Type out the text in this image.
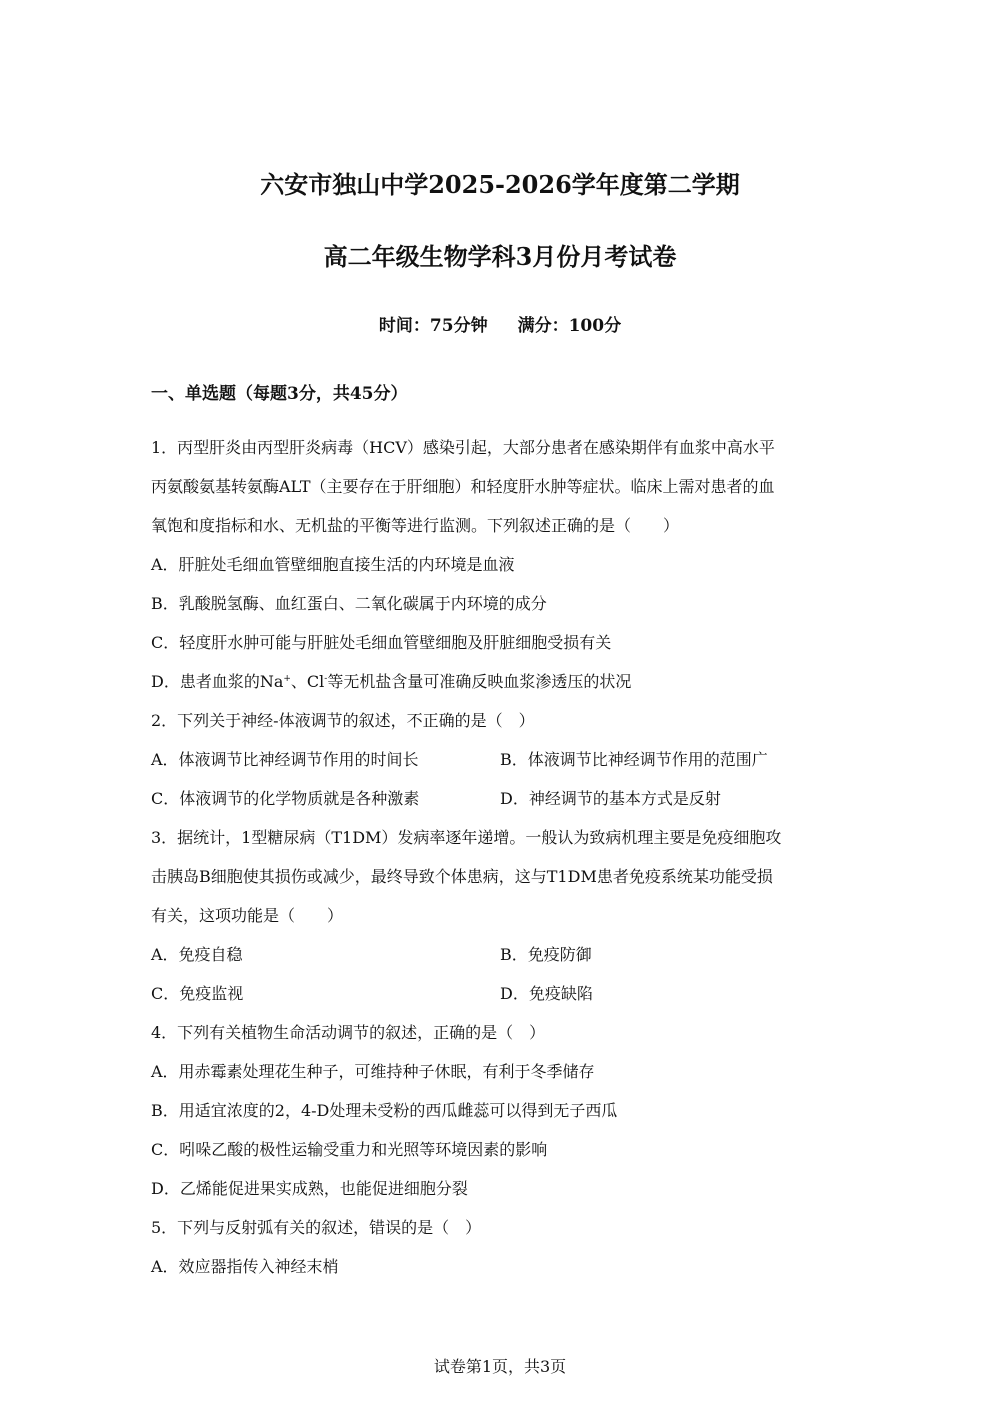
六安市独山中学2025-2026学年度第二学期
高二年级生物学科3月份月考试卷
时间：75分钟 满分：100分
一、单选题（每题3分，共45分）
1．丙型肝炎由丙型肝炎病毒（HCV）感染引起，大部分患者在感染期伴有血浆中高水平
丙氨酸氨基转氨酶ALT（主要存在于肝细胞）和轻度肝水肿等症状。临床上需对患者的血
氧饱和度指标和水、无机盐的平衡等进行监测。下列叙述正确的是（　　）
A．肝脏处毛细血管壁细胞直接生活的内环境是血液
B．乳酸脱氢酶、血红蛋白、二氧化碳属于内环境的成分
C．轻度肝水肿可能与肝脏处毛细血管壁细胞及肝脏细胞受损有关
D．患者血浆的Na+、Cl-等无机盐含量可准确反映血浆渗透压的状况
2．下列关于神经-体液调节的叙述，不正确的是（　）
A．体液调节比神经调节作用的时间长	B．体液调节比神经调节作用的范围广
C．体液调节的化学物质就是各种激素	D．神经调节的基本方式是反射
3．据统计，1型糖尿病（T1DM）发病率逐年递增。一般认为致病机理主要是免疫细胞攻
击胰岛B细胞使其损伤或减少，最终导致个体患病，这与T1DM患者免疫系统某功能受损
有关，这项功能是（　　）
A．免疫自稳	B．免疫防御
C．免疫监视	D．免疫缺陷
4．下列有关植物生命活动调节的叙述，正确的是（　）
A．用赤霉素处理花生种子，可维持种子休眠，有利于冬季储存
B．用适宜浓度的2，4-D处理未受粉的西瓜雌蕊可以得到无子西瓜
C．吲哚乙酸的极性运输受重力和光照等环境因素的影响
D．乙烯能促进果实成熟，也能促进细胞分裂
5．下列与反射弧有关的叙述，错误的是（　）
A．效应器指传入神经末梢
试卷第1页，共3页
